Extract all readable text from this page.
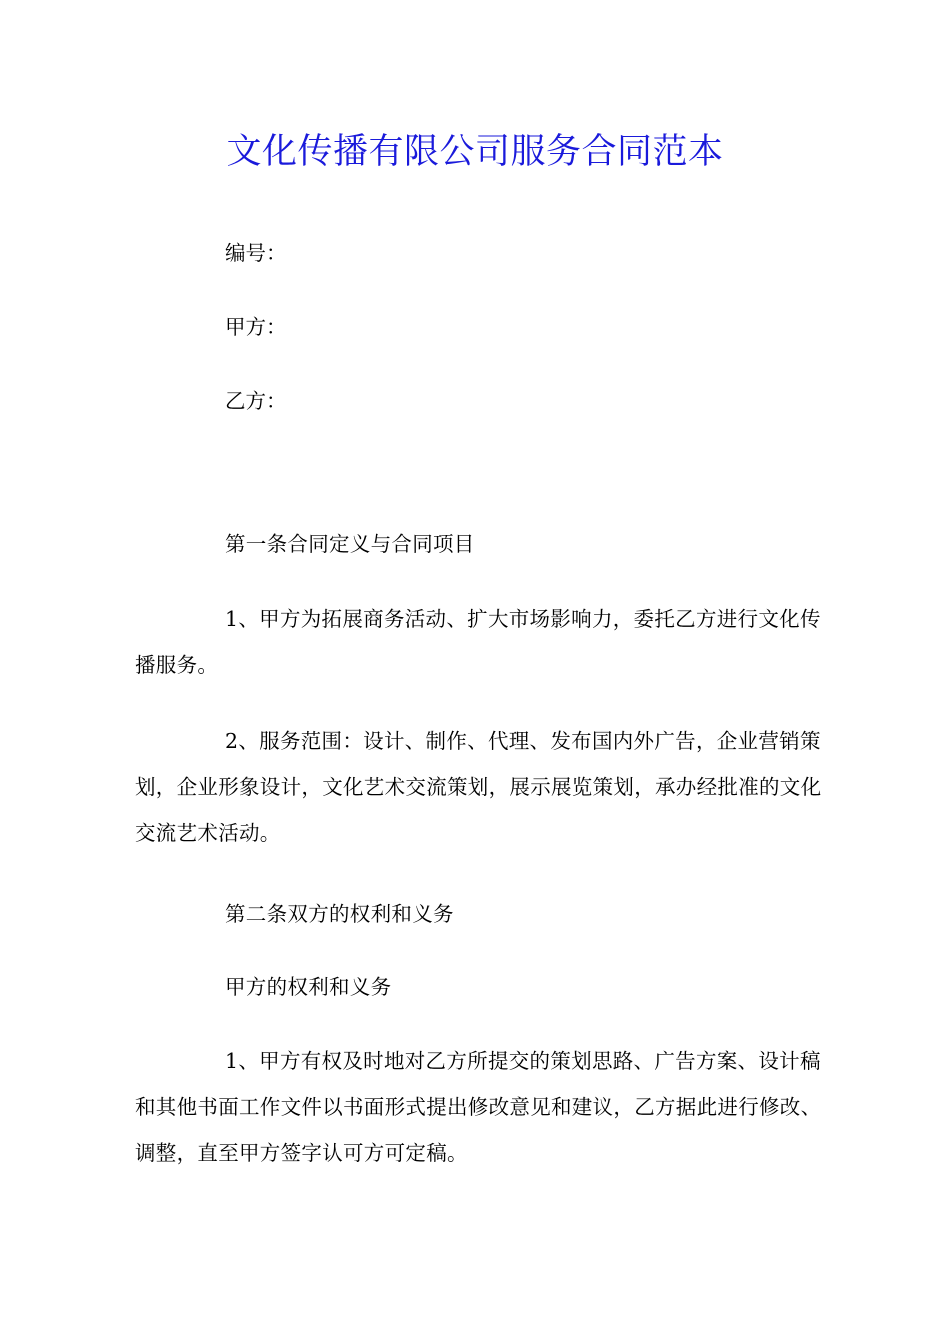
文化传播有限公司服务合同范本

编号：

甲方：

乙方：

第一条合同定义与合同项目

1、甲方为拓展商务活动、扩大市场影响力，委托乙方进行文化传播服务。

2、服务范围：设计、制作、代理、发布国内外广告，企业营销策划，企业形象设计，文化艺术交流策划，展示展览策划，承办经批准的文化交流艺术活动。

第二条双方的权利和义务

甲方的权利和义务

1、甲方有权及时地对乙方所提交的策划思路、广告方案、设计稿和其他书面工作文件以书面形式提出修改意见和建议，乙方据此进行修改、调整，直至甲方签字认可方可定稿。
